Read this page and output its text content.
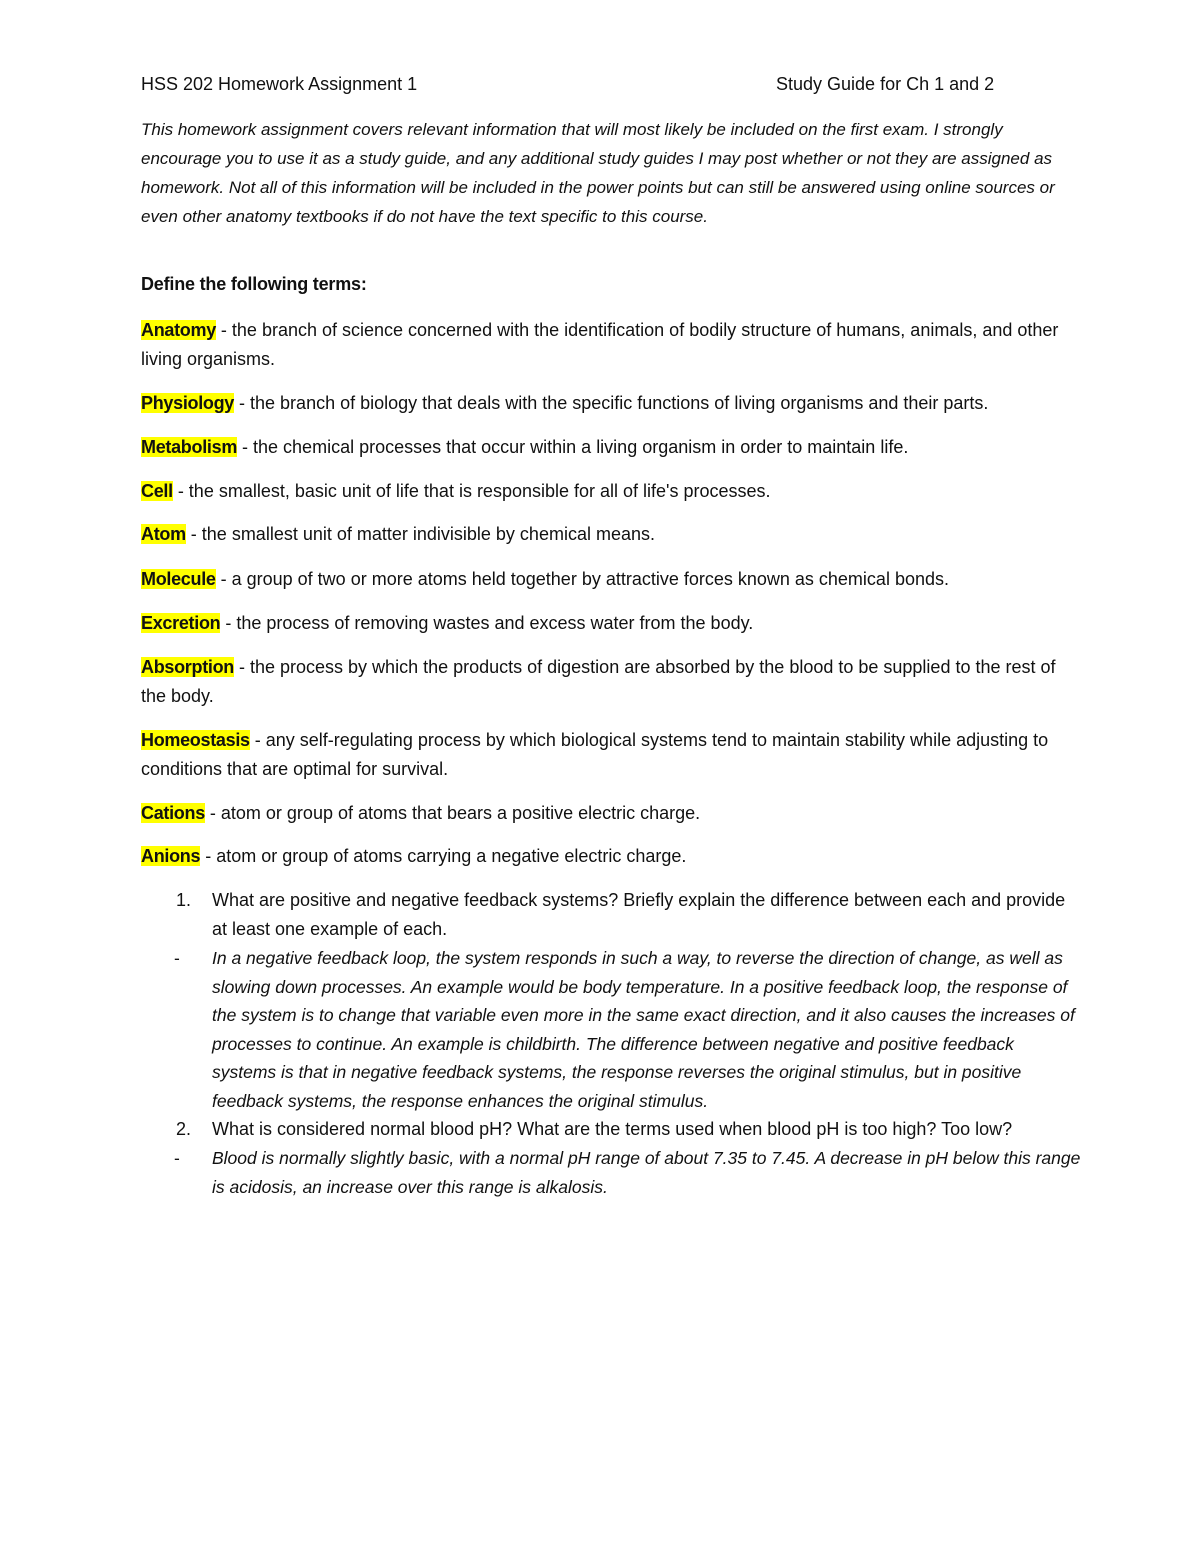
HSS 202 Homework Assignment 1	Study Guide for Ch 1 and 2

This homework assignment covers relevant information that will most likely be included on the first exam. I strongly encourage you to use it as a study guide, and any additional study guides I may post whether or not they are assigned as homework. Not all of this information will be included in the power points but can still be answered using online sources or even other anatomy textbooks if do not have the text specific to this course.

Define the following terms:
Anatomy - the branch of science concerned with the identification of bodily structure of humans, animals, and other living organisms.
Physiology - the branch of biology that deals with the specific functions of living organisms and their parts.
Metabolism - the chemical processes that occur within a living organism in order to maintain life.
Cell - the smallest, basic unit of life that is responsible for all of life's processes.
Atom - the smallest unit of matter indivisible by chemical means.
Molecule - a group of two or more atoms held together by attractive forces known as chemical bonds.
Excretion - the process of removing wastes and excess water from the body.
Absorption - the process by which the products of digestion are absorbed by the blood to be supplied to the rest of the body.
Homeostasis - any self-regulating process by which biological systems tend to maintain stability while adjusting to conditions that are optimal for survival.
Cations - atom or group of atoms that bears a positive electric charge.
Anions - atom or group of atoms carrying a negative electric charge.
1. What are positive and negative feedback systems? Briefly explain the difference between each and provide at least one example of each.
- In a negative feedback loop, the system responds in such a way, to reverse the direction of change, as well as slowing down processes. An example would be body temperature. In a positive feedback loop, the response of the system is to change that variable even more in the same exact direction, and it also causes the increases of processes to continue. An example is childbirth. The difference between negative and positive feedback systems is that in negative feedback systems, the response reverses the original stimulus, but in positive feedback systems, the response enhances the original stimulus.
2. What is considered normal blood pH? What are the terms used when blood pH is too high? Too low?
- Blood is normally slightly basic, with a normal pH range of about 7.35 to 7.45. A decrease in pH below this range is acidosis, an increase over this range is alkalosis.
